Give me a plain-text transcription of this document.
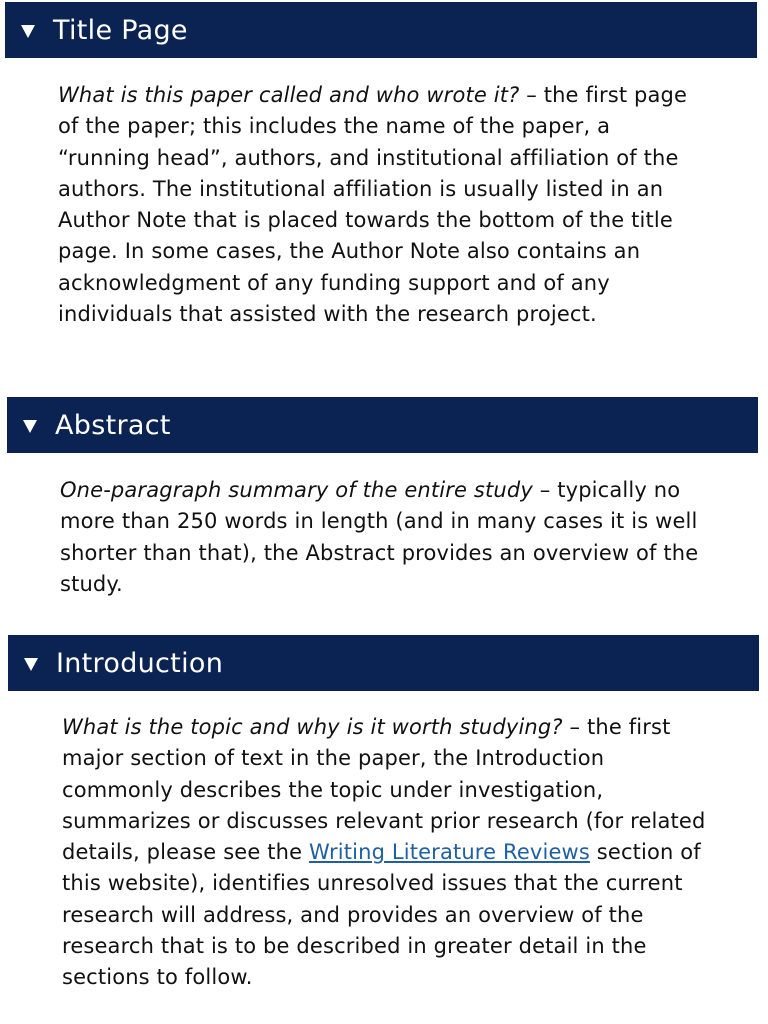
Title Page

What is this paper called and who wrote it? – the first page of the paper; this includes the name of the paper, a “running head”, authors, and institutional affiliation of the authors. The institutional affiliation is usually listed in an Author Note that is placed towards the bottom of the title page. In some cases, the Author Note also contains an acknowledgment of any funding support and of any individuals that assisted with the research project.

Abstract

One-paragraph summary of the entire study – typically no more than 250 words in length (and in many cases it is well shorter than that), the Abstract provides an overview of the study.

Introduction

What is the topic and why is it worth studying? – the first major section of text in the paper, the Introduction commonly describes the topic under investigation, summarizes or discusses relevant prior research (for related details, please see the Writing Literature Reviews section of this website), identifies unresolved issues that the current research will address, and provides an overview of the research that is to be described in greater detail in the sections to follow.
